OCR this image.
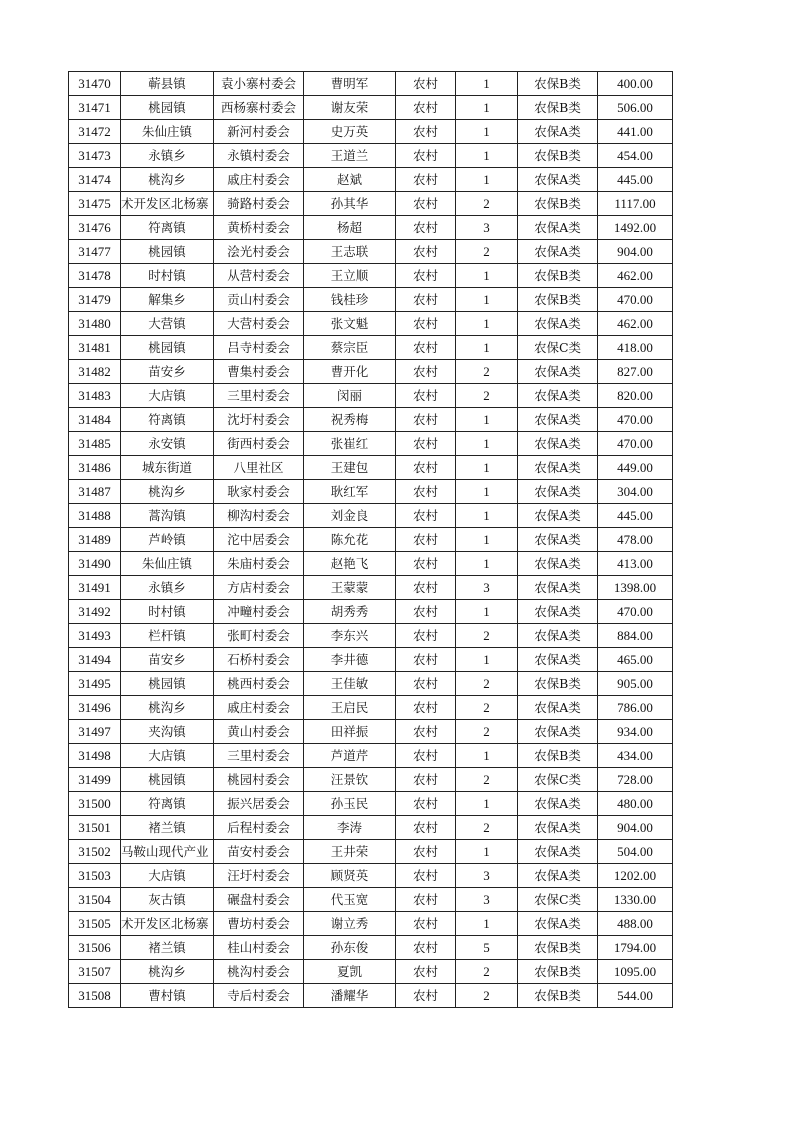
31470	蕲县镇	袁小寨村委会	曹明军	农村	1	农保B类	400.00
31471	桃园镇	西杨寨村委会	谢友荣	农村	1	农保B类	506.00
31472	朱仙庄镇	新河村委会	史万英	农村	1	农保A类	441.00
31473	永镇乡	永镇村委会	王道兰	农村	1	农保B类	454.00
31474	桃沟乡	戚庄村委会	赵斌	农村	1	农保A类	445.00
31475	术开发区北杨寨	骑路村委会	孙其华	农村	2	农保B类	1117.00
31476	符离镇	黄桥村委会	杨超	农村	3	农保A类	1492.00
31477	桃园镇	浍光村委会	王志联	农村	2	农保A类	904.00
31478	时村镇	从营村委会	王立顺	农村	1	农保B类	462.00
31479	解集乡	贡山村委会	钱桂珍	农村	1	农保B类	470.00
31480	大营镇	大营村委会	张文魁	农村	1	农保A类	462.00
31481	桃园镇	吕寺村委会	蔡宗臣	农村	1	农保C类	418.00
31482	苗安乡	曹集村委会	曹开化	农村	2	农保A类	827.00
31483	大店镇	三里村委会	闵丽	农村	2	农保A类	820.00
31484	符离镇	沈圩村委会	祝秀梅	农村	1	农保A类	470.00
31485	永安镇	街西村委会	张崔红	农村	1	农保A类	470.00
31486	城东街道	八里社区	王建包	农村	1	农保A类	449.00
31487	桃沟乡	耿家村委会	耿红军	农村	1	农保A类	304.00
31488	蒿沟镇	柳沟村委会	刘金良	农村	1	农保A类	445.00
31489	芦岭镇	沱中居委会	陈允花	农村	1	农保A类	478.00
31490	朱仙庄镇	朱庙村委会	赵艳飞	农村	1	农保A类	413.00
31491	永镇乡	方店村委会	王蒙蒙	农村	3	农保A类	1398.00
31492	时村镇	冲疃村委会	胡秀秀	农村	1	农保A类	470.00
31493	栏杆镇	张町村委会	李东兴	农村	2	农保A类	884.00
31494	苗安乡	石桥村委会	李井德	农村	1	农保A类	465.00
31495	桃园镇	桃西村委会	王佳敏	农村	2	农保B类	905.00
31496	桃沟乡	戚庄村委会	王启民	农村	2	农保A类	786.00
31497	夹沟镇	黄山村委会	田祥振	农村	2	农保A类	934.00
31498	大店镇	三里村委会	芦道芹	农村	1	农保B类	434.00
31499	桃园镇	桃园村委会	汪景钦	农村	2	农保C类	728.00
31500	符离镇	振兴居委会	孙玉民	农村	1	农保A类	480.00
31501	褚兰镇	后程村委会	李涛	农村	2	农保A类	904.00
31502	马鞍山现代产业	苗安村委会	王井荣	农村	1	农保A类	504.00
31503	大店镇	汪圩村委会	顾贤英	农村	3	农保A类	1202.00
31504	灰古镇	碾盘村委会	代玉宽	农村	3	农保C类	1330.00
31505	术开发区北杨寨	曹坊村委会	谢立秀	农村	1	农保A类	488.00
31506	褚兰镇	桂山村委会	孙东俊	农村	5	农保B类	1794.00
31507	桃沟乡	桃沟村委会	夏凯	农村	2	农保B类	1095.00
31508	曹村镇	寺后村委会	潘耀华	农村	2	农保B类	544.00
